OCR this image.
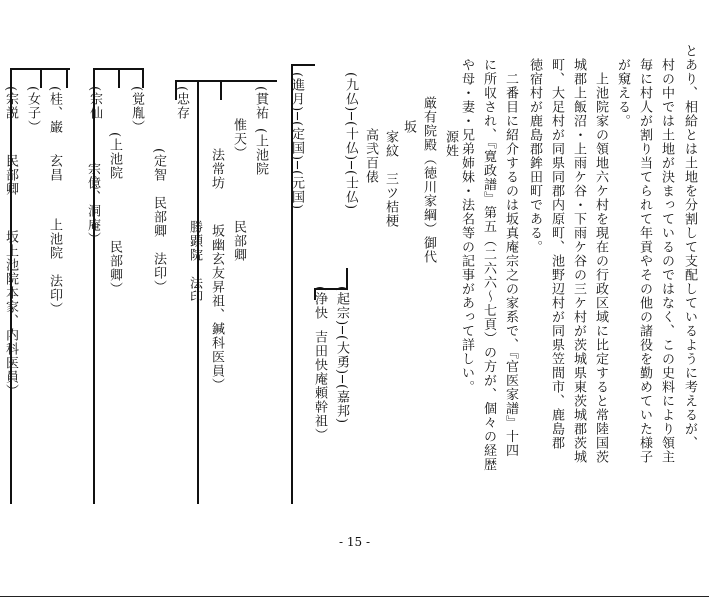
とあり、相給とは土地を分割して支配しているように考えるが、
村の中では土地が決まっているのではなく、この史料により領主
毎に村人が割り当てられて年貢やその他の諸役を勤めていた様子
が窺える。
上池院家の領地六ケ村を現在の行政区域に比定すると常陸国茨
城郡上飯沼・上雨ケ谷・下雨ケ谷の三ケ村が茨城県東茨城郡茨城
町、大足村が同県同郡内原町、池野辺村が同県笠間市、鹿島郡
徳宿村が鹿島郡鉾田町である。
二番目に紹介するのは坂真庵宗之の家系で、『官医家譜』十四
に所収され、『寛政譜』第五（二六六～七頁）の方が、個々の経歴
や母・妻・兄弟姉妹・法名等の記事があって詳しい。
源姓
厳有院殿（徳川家綱）御代
坂
家紋　三ツ桔梗
高弐百俵
(進月)─(定国)─(元国)	(九仏)─(十仏)─(士仏)
(起宗)─(大勇)─(嘉邦)
(浄快
吉田快庵頼幹祖）
(貫祐
惟天） (上池院
民部卿
法常坊
勝顕院　法印 坂幽玄友昇祖、鍼科医員）
(忠存
(覚胤）
(定智
民部卿　法印）
(宗仙
(上池院
民部卿）
宗億、洞庵）
(女子） (桂、巌
玄昌
上池院　法印）
(宗説
民部卿
坂上池院本家、内科医員）
- 15 -
